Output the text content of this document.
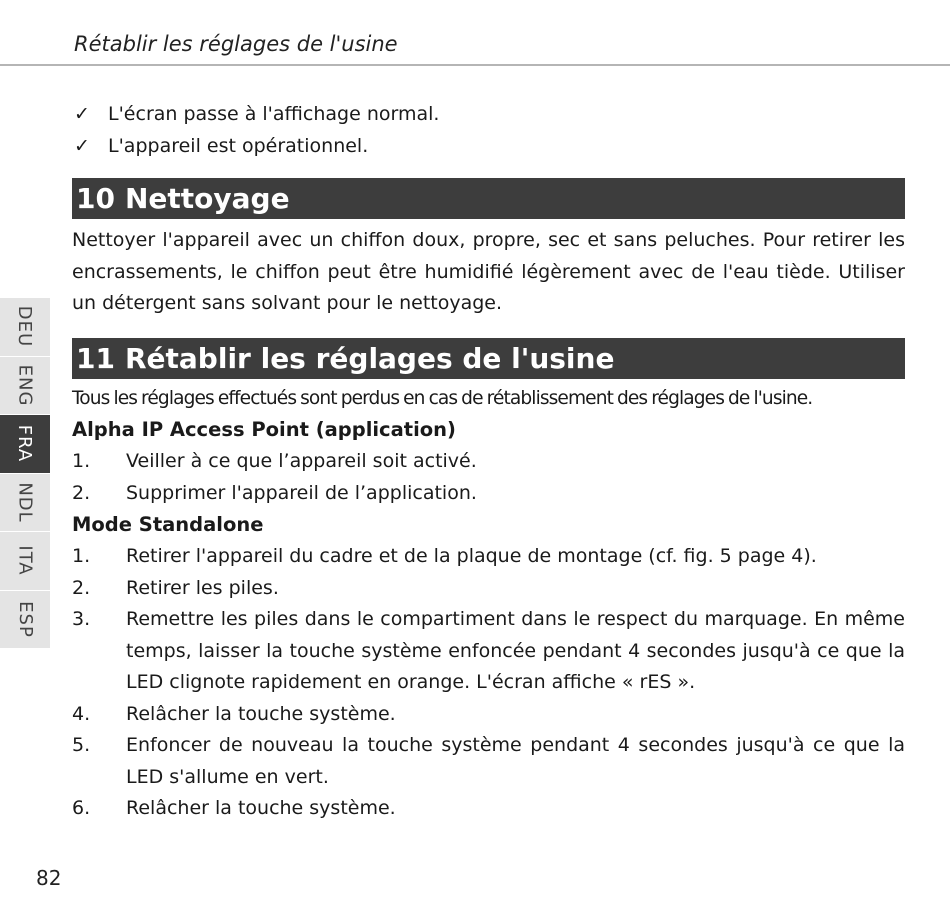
Rétablir les réglages de l'usine
DEU
ENG
FRA
NDL
ITA
ESP
✓ L'écran passe à l'affichage normal.
✓ L'appareil est opérationnel.
10 Nettoyage

Nettoyer l'appareil avec un chiffon doux, propre, sec et sans peluches. Pour retirer les encrassements, le chiffon peut être humidifié légèrement avec de l'eau tiède. Utiliser un détergent sans solvant pour le nettoyage.

11 Rétablir les réglages de l'usine

Tous les réglages effectués sont perdus en cas de rétablissement des réglages de l'usine.

Alpha IP Access Point (application)
1. Veiller à ce que l’appareil soit activé.
2. Supprimer l'appareil de l’application.
Mode Standalone
1. Retirer l'appareil du cadre et de la plaque de montage (cf. fig. 5 page 4).
2. Retirer les piles.
3. Remettre les piles dans le compartiment dans le respect du marquage. En même temps, laisser la touche système enfoncée pendant 4 secondes jusqu'à ce que la LED clignote rapidement en orange. L'écran affiche « rES ».
4. Relâcher la touche système.
5. Enfoncer de nouveau la touche système pendant 4 secondes jusqu'à ce que la LED s'allume en vert.
6. Relâcher la touche système.
82
